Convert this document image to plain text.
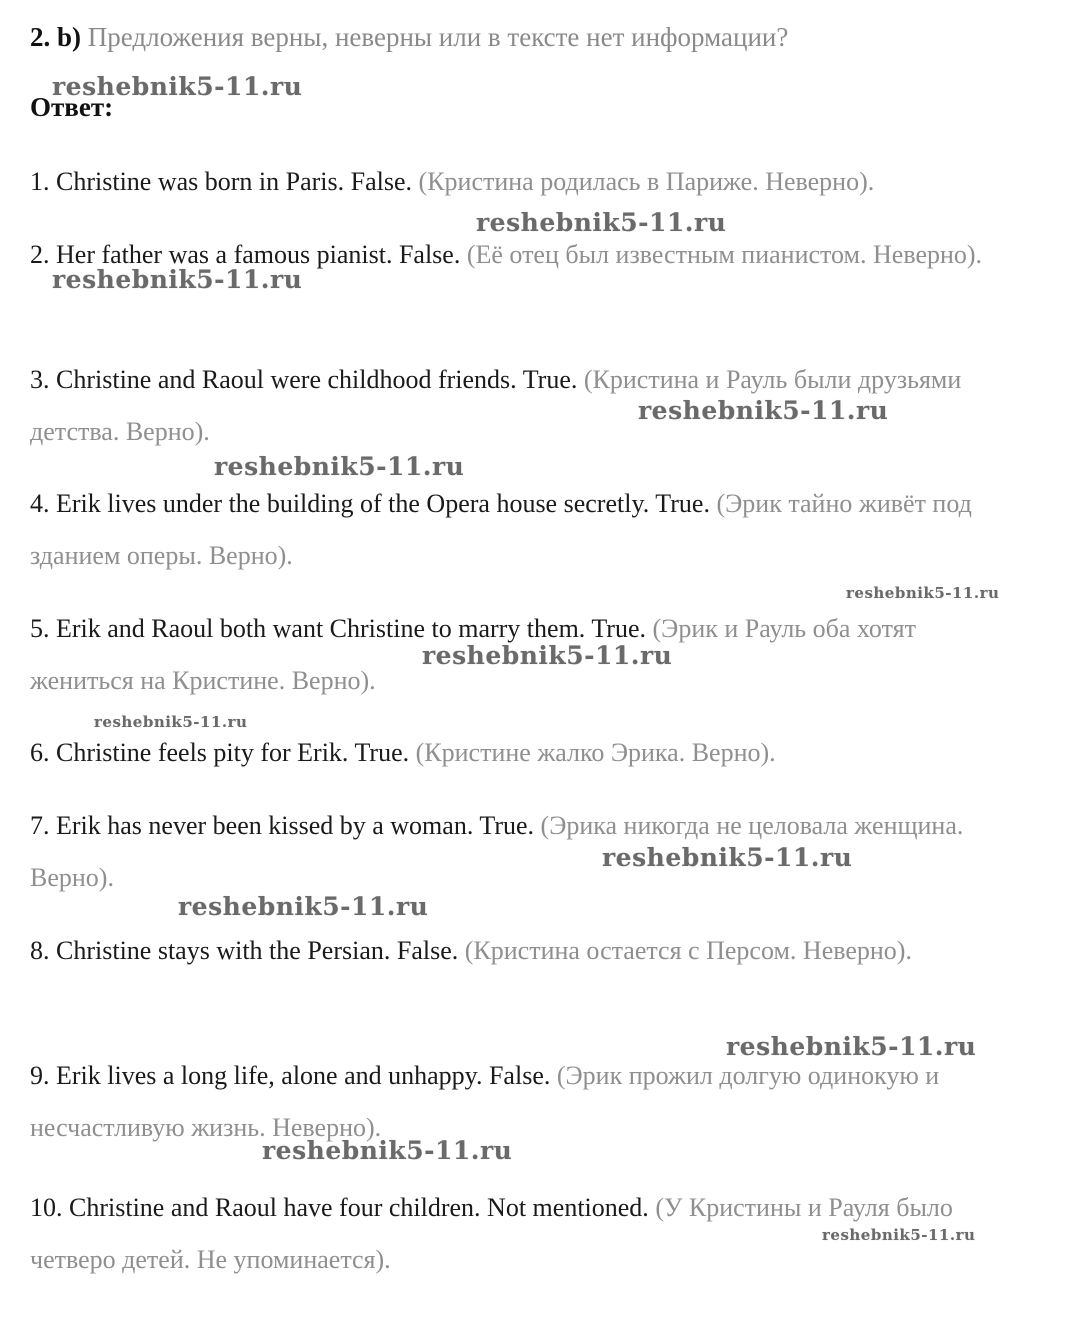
2. b) Предложения верны, неверны или в тексте нет информации?
Ответ:
1. Christine was born in Paris. False. (Кристина родилась в Париже. Неверно).
2. Her father was a famous pianist. False. (Её отец был известным пианистом. Неверно).
3. Christine and Raoul were childhood friends. True. (Кристина и Рауль были друзьями детства. Верно).
4. Erik lives under the building of the Opera house secretly. True. (Эрик тайно живёт под зданием оперы. Верно).
5. Erik and Raoul both want Christine to marry them. True. (Эрик и Рауль оба хотят жениться на Кристине. Верно).
6. Christine feels pity for Erik. True. (Кристине жалко Эрика. Верно).
7. Erik has never been kissed by a woman. True. (Эрика никогда не целовала женщина. Верно).
8. Christine stays with the Persian. False. (Кристина остается с Персом. Неверно).
9. Erik lives a long life, alone and unhappy. False. (Эрик прожил долгую одинокую и несчастливую жизнь. Неверно).
10. Christine and Raoul have four children. Not mentioned. (У Кристины и Рауля было четверо детей. Не упоминается).
reshebnik5-11.ru
reshebnik5-11.ru
reshebnik5-11.ru
reshebnik5-11.ru
reshebnik5-11.ru
reshebnik5-11.ru
reshebnik5-11.ru
reshebnik5-11.ru
reshebnik5-11.ru
reshebnik5-11.ru
reshebnik5-11.ru
reshebnik5-11.ru
reshebnik5-11.ru
